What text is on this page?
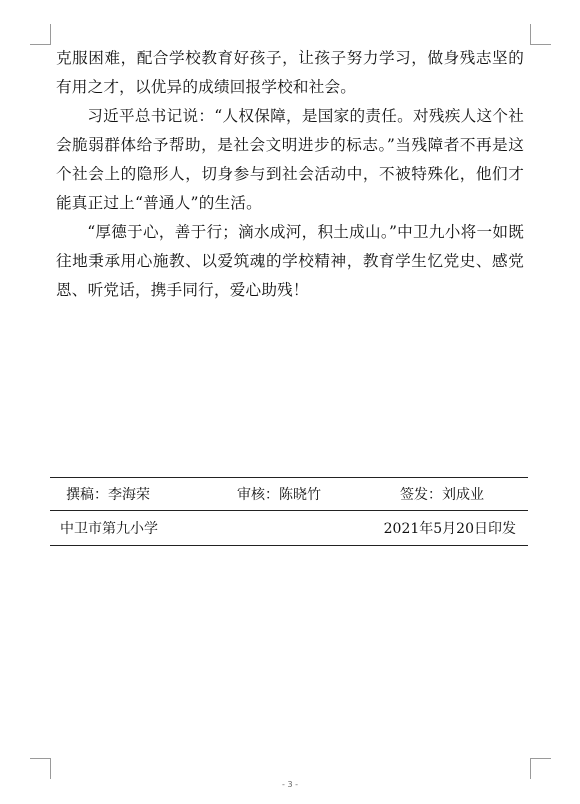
克服困难，配合学校教育好孩子，让孩子努力学习，做身残志坚的有用之才，以优异的成绩回报学校和社会。

习近平总书记说：“人权保障，是国家的责任。对残疾人这个社会脆弱群体给予帮助，是社会文明进步的标志。”当残障者不再是这个社会上的隐形人，切身参与到社会活动中，不被特殊化，他们才能真正过上“普通人”的生活。

“厚德于心，善于行；滴水成河，积土成山。”中卫九小将一如既往地秉承用心施教、以爱筑魂的学校精神，教育学生忆党史、感党恩、听党话，携手同行，爱心助残！

撰稿：李海荣	审核：陈晓竹	签发：刘成业
中卫市第九小学	2021年5月20日印发
- 3 -
